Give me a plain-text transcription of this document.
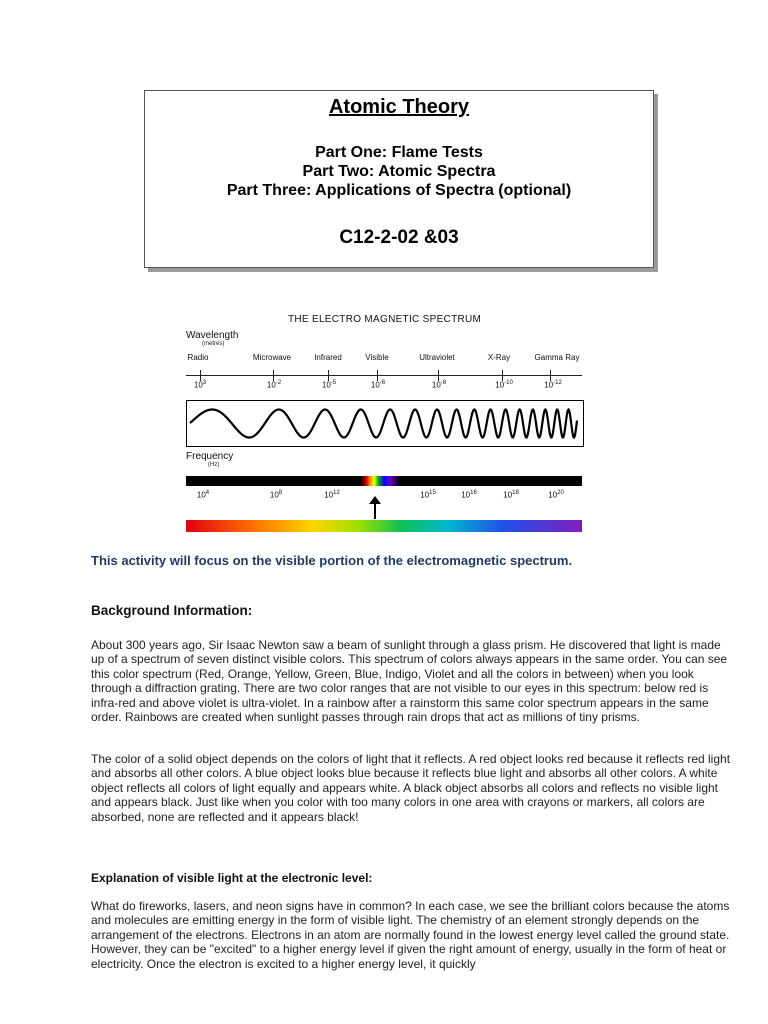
Atomic Theory
Part One: Flame Tests
Part Two: Atomic Spectra
Part Three: Applications of Spectra (optional)
C12-2-02 &03
THE ELECTRO MAGNETIC SPECTRUM
Wavelength
(metres)
Radio	Microwave	Infrared	Visible	Ultraviolet	X-Ray	Gamma Ray
$10^3$	$10^{-2}$	$10^{-5}$	$10^{-6}$	$10^{-8}$	$10^{-10}$	$10^{-12}$
Frequency
(Hz)
$10^4$	$10^8$	$10^{12}$	$10^{15}$	$10^{16}$	$10^{18}$	$10^{20}$
This activity will focus on the visible portion of the electromagnetic spectrum.
Background Information:

About 300 years ago, Sir Isaac Newton saw a beam of sunlight through a glass prism. He discovered that light is made up of a spectrum of seven distinct visible colors. This spectrum of colors always appears in the same order. You can see this color spectrum (Red, Orange, Yellow, Green, Blue, Indigo, Violet and all the colors in between) when you look through a diffraction grating. There are two color ranges that are not visible to our eyes in this spectrum: below red is infra-red and above violet is ultra-violet. In a rainbow after a rainstorm this same color spectrum appears in the same order. Rainbows are created when sunlight passes through rain drops that act as millions of tiny prisms.

The color of a solid object depends on the colors of light that it reflects. A red object looks red because it reflects red light and absorbs all other colors. A blue object looks blue because it reflects blue light and absorbs all other colors. A white object reflects all colors of light equally and appears white. A black object absorbs all colors and reflects no visible light and appears black. Just like when you color with too many colors in one area with crayons or markers, all colors are absorbed, none are reflected and it appears black!

Explanation of visible light at the electronic level:

What do fireworks, lasers, and neon signs have in common? In each case, we see the brilliant colors because the atoms and molecules are emitting energy in the form of visible light. The chemistry of an element strongly depends on the arrangement of the electrons. Electrons in an atom are normally found in the lowest energy level called the ground state. However, they can be "excited" to a higher energy level if given the right amount of energy, usually in the form of heat or electricity. Once the electron is excited to a higher energy level, it quickly
